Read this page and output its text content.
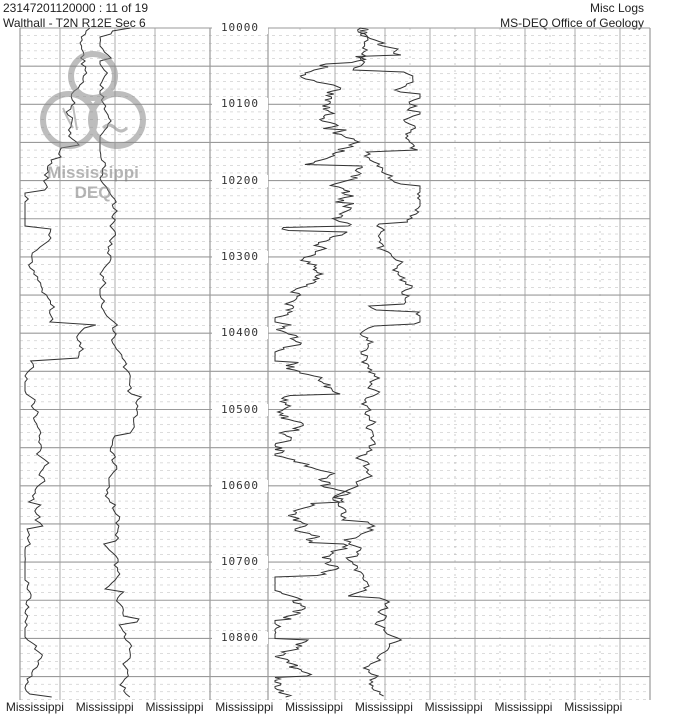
23147201120000 : 11 of 19
Walthall - T2N R12E Sec 6
Misc Logs
MS-DEQ Office of Geology
10000
10100
10200
10300
10400
10500
10600
10700
10800
Mississippi
DEQ
Mississippi Mississippi Mississippi Mississippi Mississippi Mississippi Mississippi Mississippi Mississippi
